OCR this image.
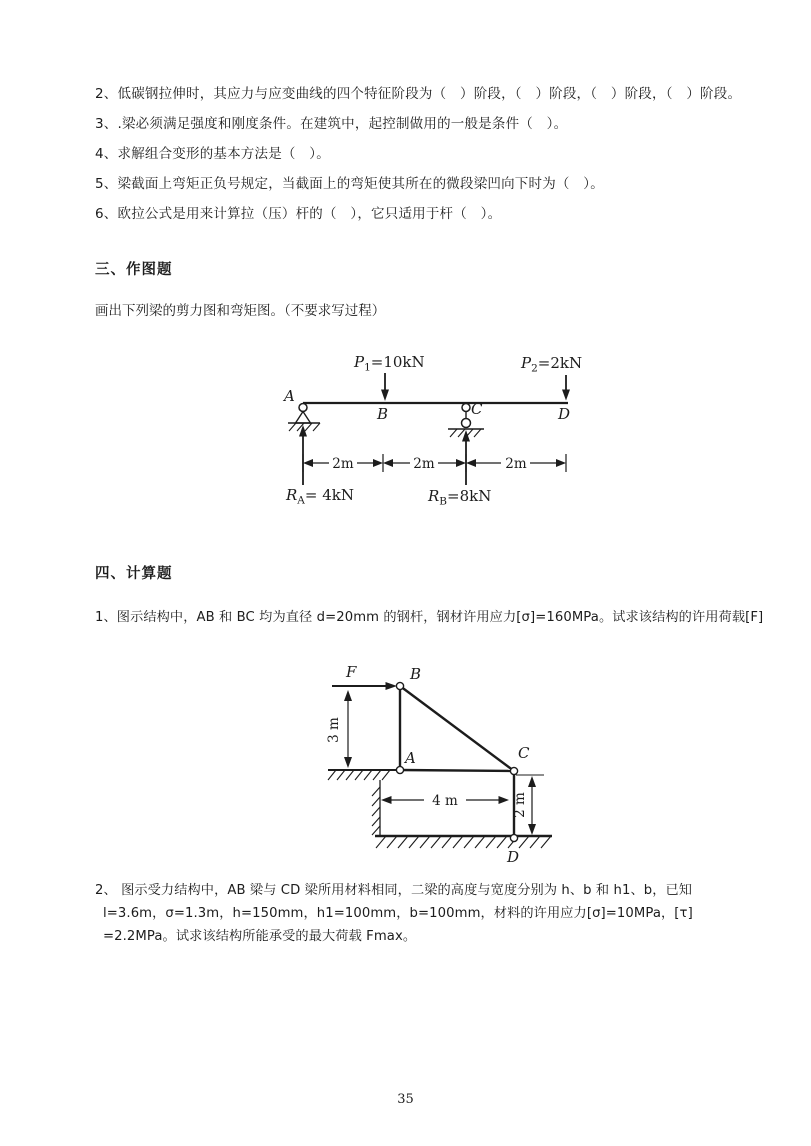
2、低碳钢拉伸时，其应力与应变曲线的四个特征阶段为（　）阶段，（　）阶段，（　）阶段，（　）阶段。

3、.梁必须满足强度和刚度条件。在建筑中，起控制做用的一般是条件（　）。

4、求解组合变形的基本方法是（　）。

5、梁截面上弯矩正负号规定，当截面上的弯矩使其所在的微段梁凹向下时为（　）。

6、欧拉公式是用来计算拉（压）杆的（　），它只适用于杆（　）。

三、作图题
画出下列梁的剪力图和弯矩图。（不要求写过程）
$P_1=10kN$	$P_2=2kN$
A
B	C	D
2m	2m	2m
$R_A= 4kN$	$R_B=8kN$
四、计算题
1、图示结构中，AB 和 BC 均为直径 d=20mm 的钢杆，钢材许用应力[σ]=160MPa。试求该结构的许用荷载[F]
F
3 m
4 m	2 m
B
A	C
D
2、 图示受力结构中，AB 梁与 CD 梁所用材料相同，二梁的高度与宽度分别为 h、b 和 h1、b，已知 l=3.6m，σ=1.3m，h=150mm，h1=100mm，b=100mm，材料的许用应力[σ]=10MPa，[τ] =2.2MPa。试求该结构所能承受的最大荷载 Fmax。
35
